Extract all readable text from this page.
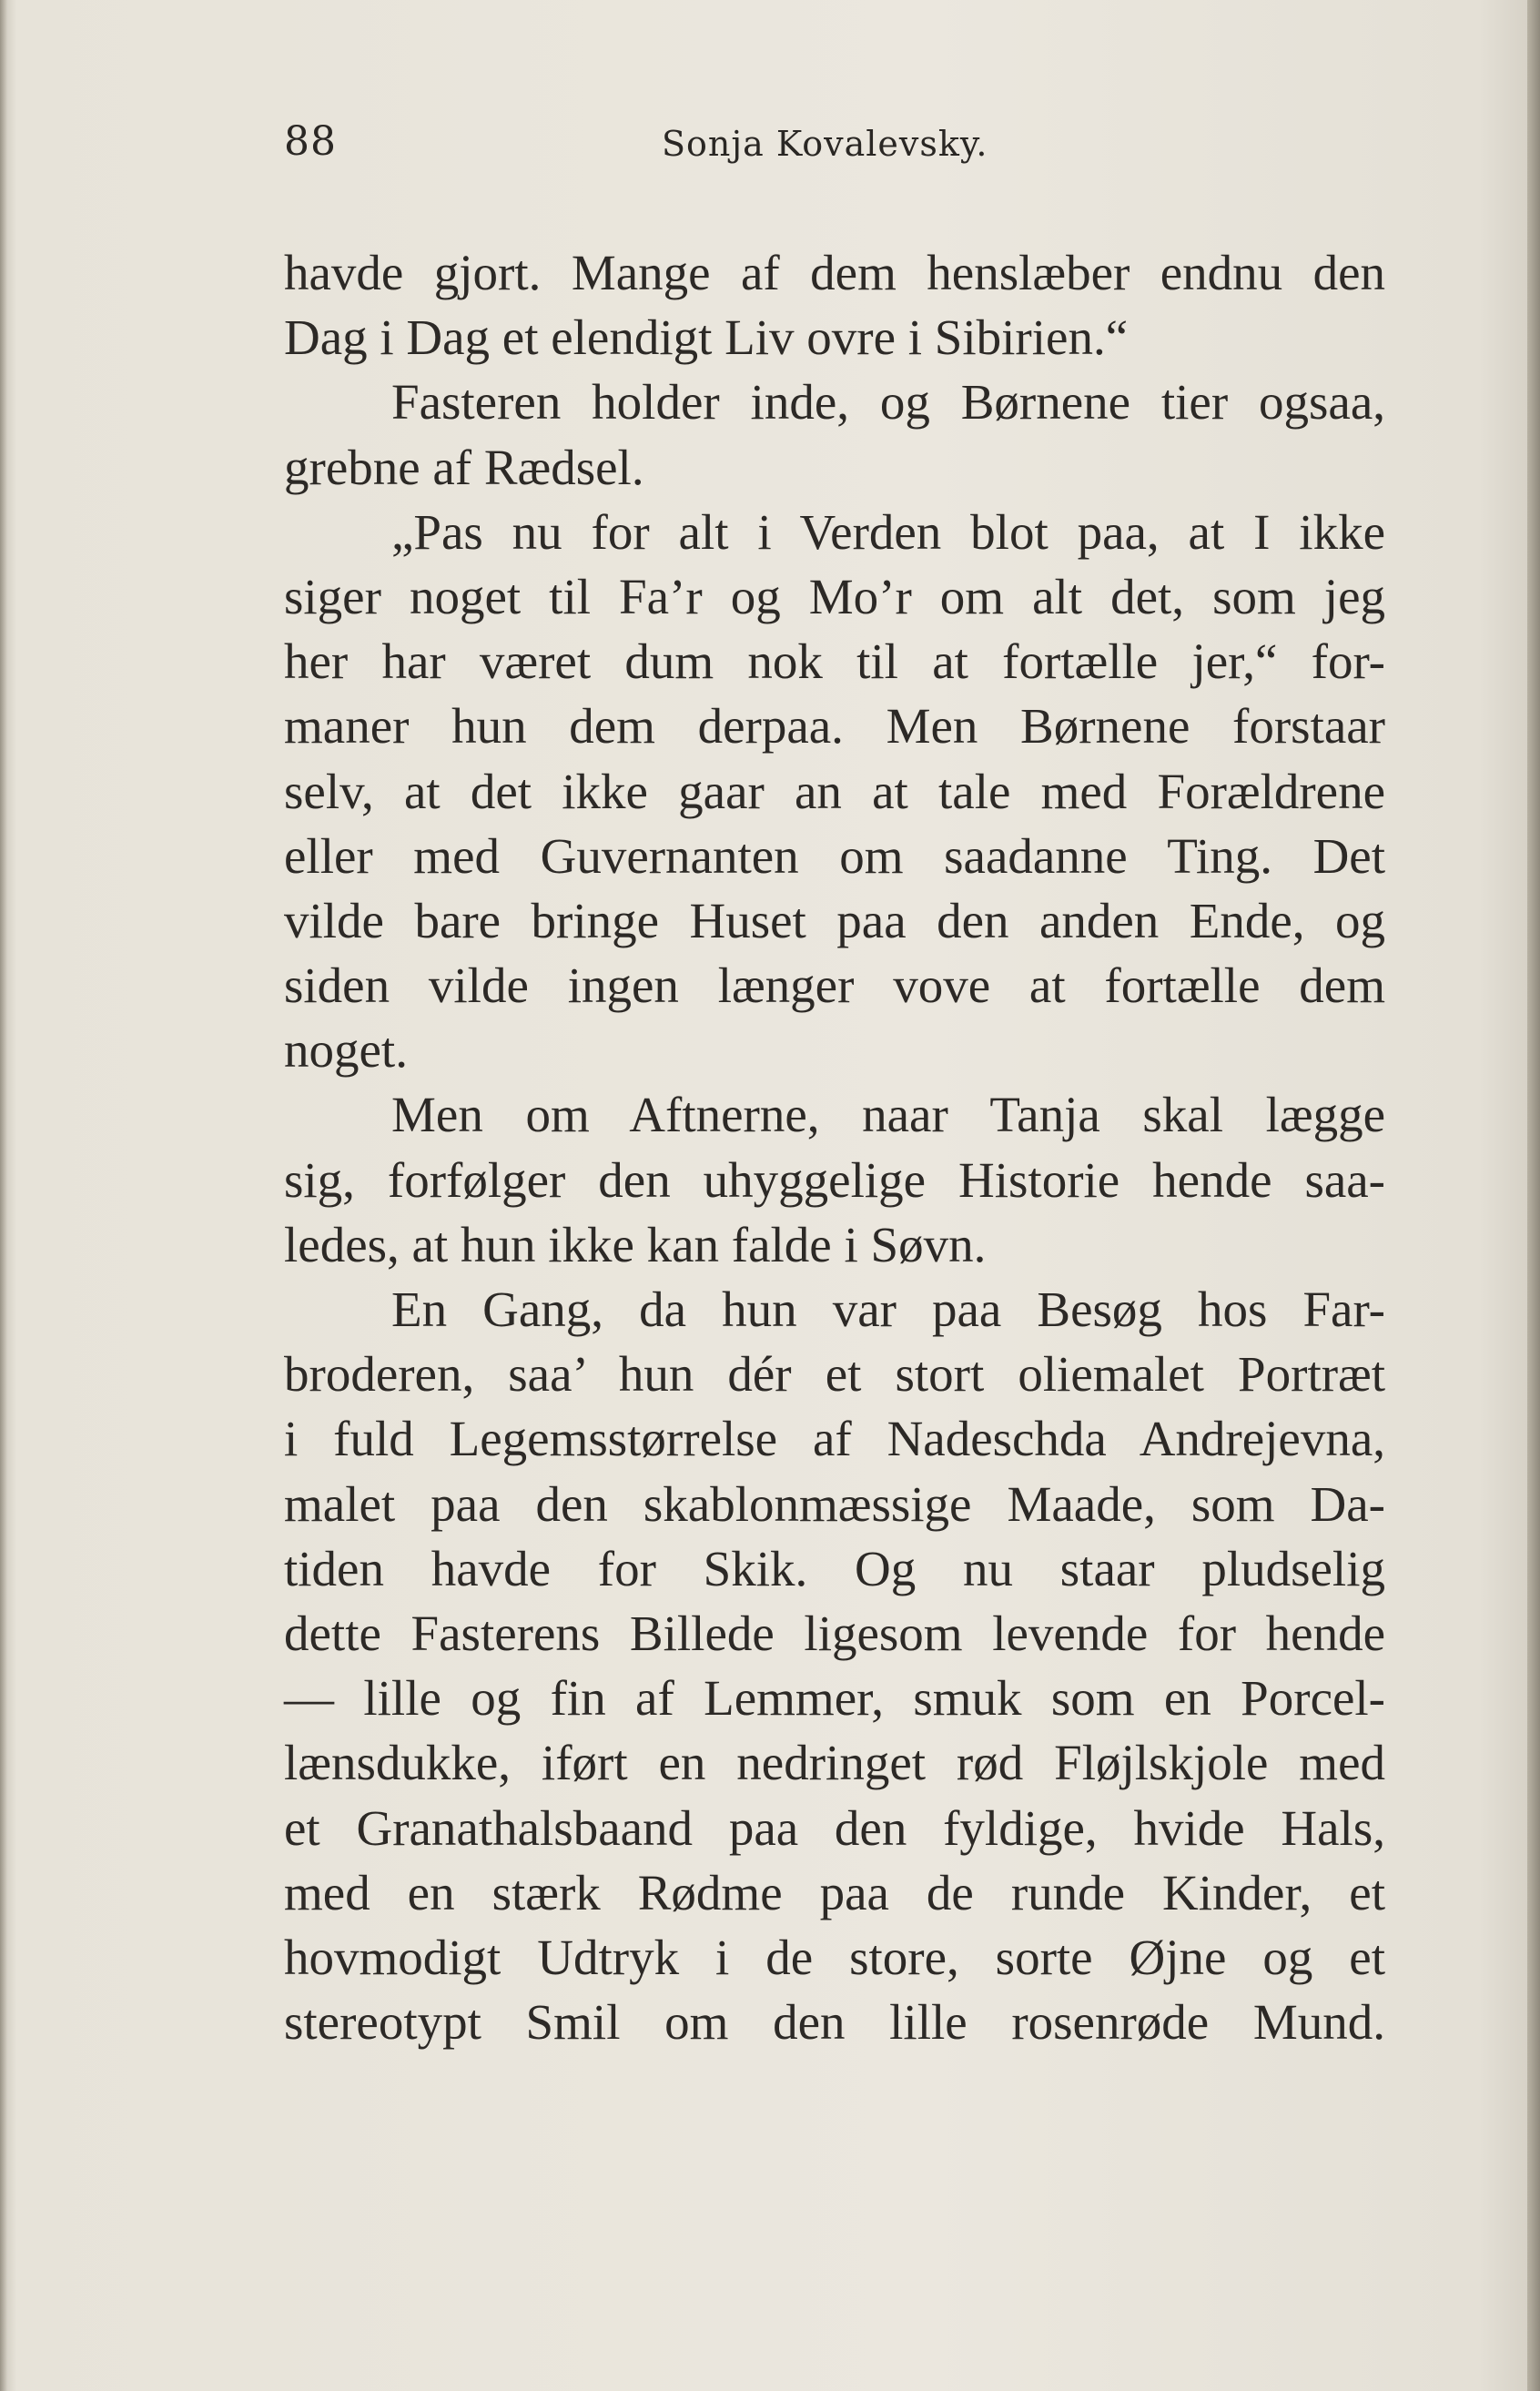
88	Sonja Kovalevsky.
havde gjort. Mange af dem henslæber endnu den
Dag i Dag et elendigt Liv ovre i Sibirien.“
Fasteren holder inde, og Børnene tier ogsaa,
grebne af Rædsel.
„Pas nu for alt i Verden blot paa, at I ikke
siger noget til Fa’r og Mo’r om alt det, som jeg
her har været dum nok til at fortælle jer,“ for-
maner hun dem derpaa. Men Børnene forstaar
selv, at det ikke gaar an at tale med Forældrene
eller med Guvernanten om saadanne Ting. Det
vilde bare bringe Huset paa den anden Ende, og
siden vilde ingen længer vove at fortælle dem
noget.
Men om Aftnerne, naar Tanja skal lægge
sig, forfølger den uhyggelige Historie hende saa-
ledes, at hun ikke kan falde i Søvn.
En Gang, da hun var paa Besøg hos Far-
broderen, saa’ hun dér et stort oliemalet Portræt
i fuld Legemsstørrelse af Nadeschda Andrejevna,
malet paa den skablonmæssige Maade, som Da-
tiden havde for Skik. Og nu staar pludselig
dette Fasterens Billede ligesom levende for hende
— lille og fin af Lemmer, smuk som en Porcel-
lænsdukke, iført en nedringet rød Fløjlskjole med
et Granathalsbaand paa den fyldige, hvide Hals,
med en stærk Rødme paa de runde Kinder, et
hovmodigt Udtryk i de store, sorte Øjne og et
stereotypt Smil om den lille rosenrøde Mund.
